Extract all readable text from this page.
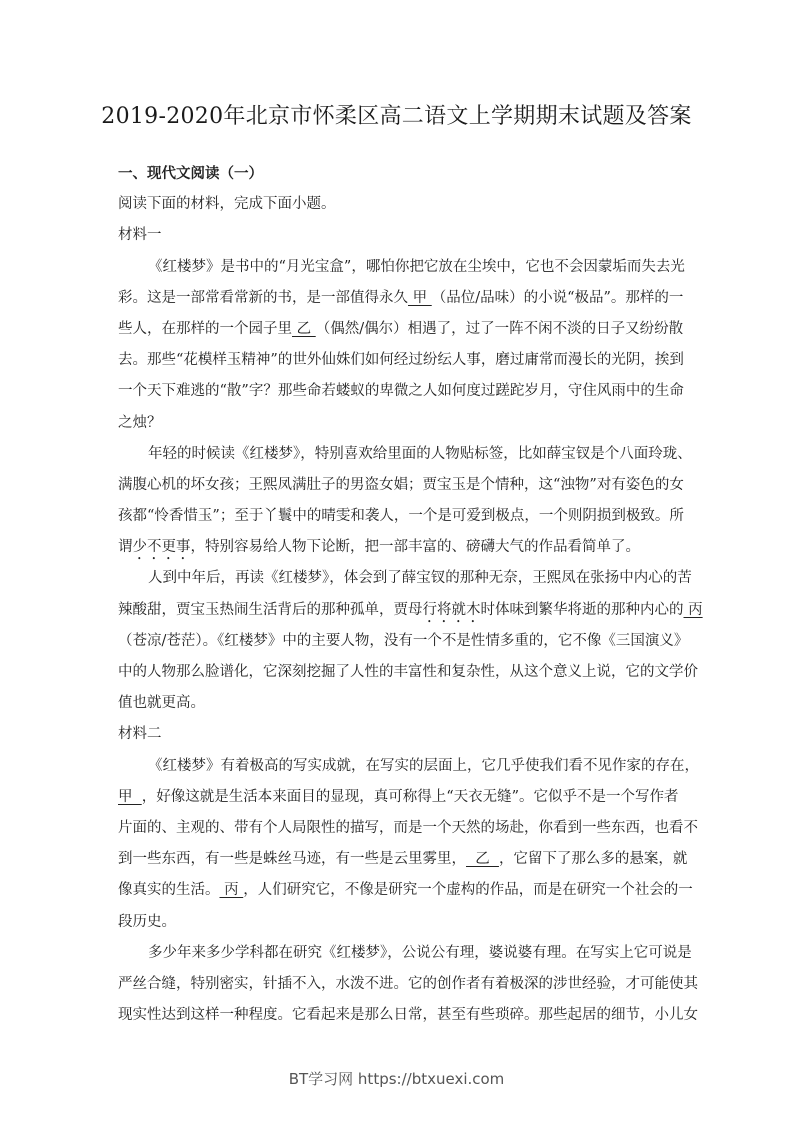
2019-2020年北京市怀柔区高二语文上学期期末试题及答案
一、现代文阅读（一）
阅读下面的材料，完成下面小题。
材料一
《红楼梦》是书中的“月光宝盒”，哪怕你把它放在尘埃中，它也不会因蒙垢而失去光
彩。这是一部常看常新的书，是一部值得永久 甲 （品位/品味）的小说“极品”。那样的一
些人，在那样的一个园子里 乙 （偶然/偶尔）相遇了，过了一阵不闲不淡的日子又纷纷散
去。那些“花模样玉精神”的世外仙姝们如何经过纷纭人事，磨过庸常而漫长的光阴，挨到
一个天下难逃的“散”字？那些命若蝼蚁的卑微之人如何度过蹉跎岁月，守住风雨中的生命
之烛？
年轻的时候读《红楼梦》，特别喜欢给里面的人物贴标签，比如薛宝钗是个八面玲珑、
满腹心机的坏女孩；王熙凤满肚子的男盗女娼；贾宝玉是个情种，这“浊物”对有姿色的女
孩都“怜香惜玉”；至于丫鬟中的晴雯和袭人，一个是可爱到极点，一个则阴损到极致。所
谓少不更事，特别容易给人物下论断，把一部丰富的、磅礴大气的作品看简单了。
人到中年后，再读《红楼梦》，体会到了薛宝钗的那种无奈，王熙凤在张扬中内心的苦
辣酸甜，贾宝玉热闹生活背后的那种孤单，贾母行将就木时体味到繁华将逝的那种内心的 丙
（苍凉/苍茫）。《红楼梦》中的主要人物，没有一个不是性情多重的，它不像《三国演义》
中的人物那么脸谱化，它深刻挖掘了人性的丰富性和复杂性，从这个意义上说，它的文学价
值也就更高。
材料二
《红楼梦》有着极高的写实成就，在写实的层面上，它几乎使我们看不见作家的存在，
甲  ，好像这就是生活本来面目的显现，真可称得上“天衣无缝”。它似乎不是一个写作者
片面的、主观的、带有个人局限性的描写，而是一个天然的场赴，你看到一些东西，也看不
到一些东西，有一些是蛛丝马迹，有一些是云里雾里，  乙  ，它留下了那么多的悬案，就
像真实的生活。 丙 ，人们研究它，不像是研究一个虚构的作品，而是在研究一个社会的一
段历史。
多少年来多少学科都在研究《红楼梦》，公说公有理，婆说婆有理。在写实上它可说是
严丝合缝，特别密实，针插不入，水泼不进。它的创作者有着极深的涉世经验，才可能使其
现实性达到这样一种程度。它看起来是那么日常，甚至有些琐碎。那些起居的细节，小儿女
BT学习网 https://btxuexi.com
